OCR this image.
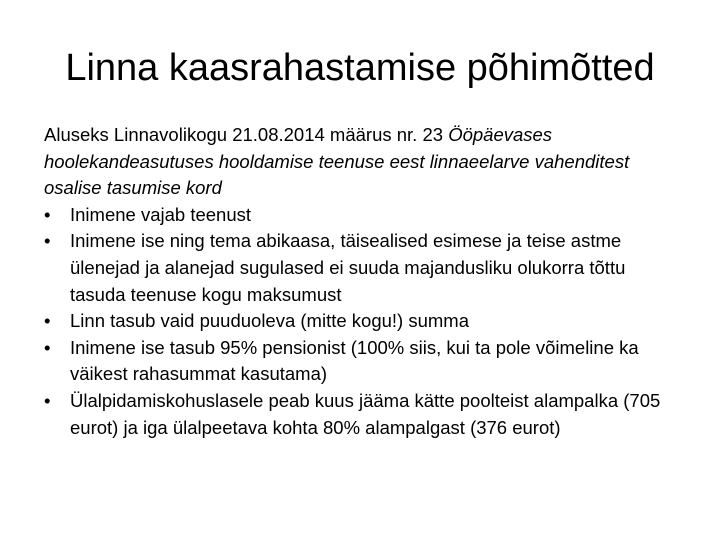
Linna kaasrahastamise põhimõtted

Aluseks Linnavolikogu 21.08.2014 määrus nr. 23 Ööpäevases hoolekandeasutuses hooldamise teenuse eest linnaeelarve vahenditest osalise tasumise kord

• Inimene vajab teenust
• Inimene ise ning tema abikaasa, täisealised esimese ja teise astme ülenejad ja alanejad sugulased ei suuda majandusliku olukorra tõttu tasuda teenuse kogu maksumust
• Linn tasub vaid puuduoleva (mitte kogu!) summa
• Inimene ise tasub 95% pensionist (100% siis, kui ta pole võimeline ka väikest rahasummat kasutama)
• Ülalpidamiskohuslasele peab kuus jääma kätte poolteist alampalka (705 eurot) ja iga ülalpeetava kohta 80% alampalgast (376 eurot)
